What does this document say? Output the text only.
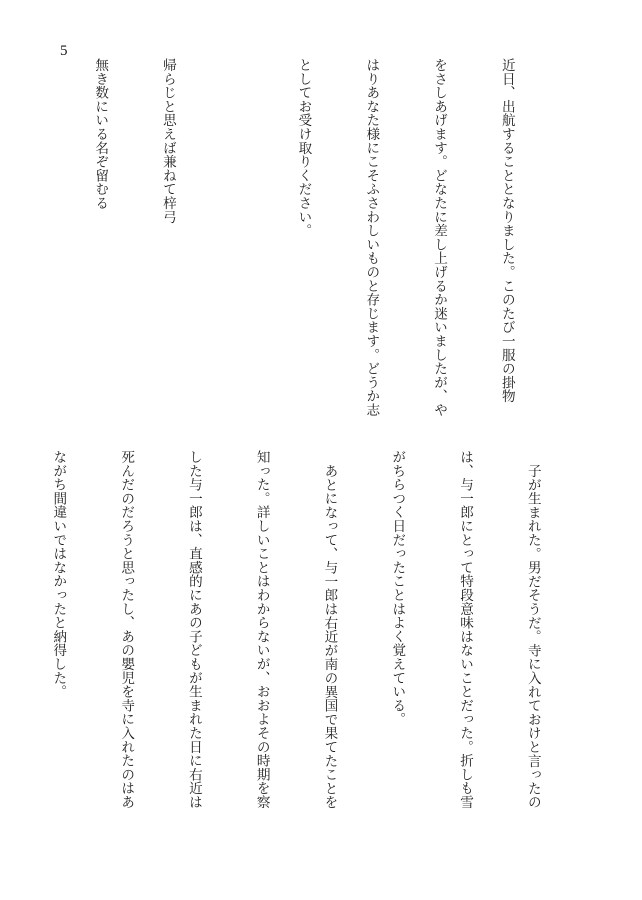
5

近日、出航することとなりました。このたび一服の掛物

をさしあげます。どなたに差し上げるか迷いましたが、や

はりあなた様にこそふさわしいものと存じます。どうか志

としてお受け取りください。

帰らじと思えば兼ねて梓弓

無き数にいる名ぞ留むる

子が生まれた。男だそうだ。寺に入れておけと言ったの

は、与一郎にとって特段意味はないことだった。折しも雪

がちらつく日だったことはよく覚えている。

あとになって、与一郎は右近が南の異国で果てたことを

知った。詳しいことはわからないが、おおよその時期を察

した与一郎は、直感的にあの子どもが生まれた日に右近は

死んだのだろうと思ったし、あの嬰児を寺に入れたのはあ

ながち間違いではなかったと納得した。
